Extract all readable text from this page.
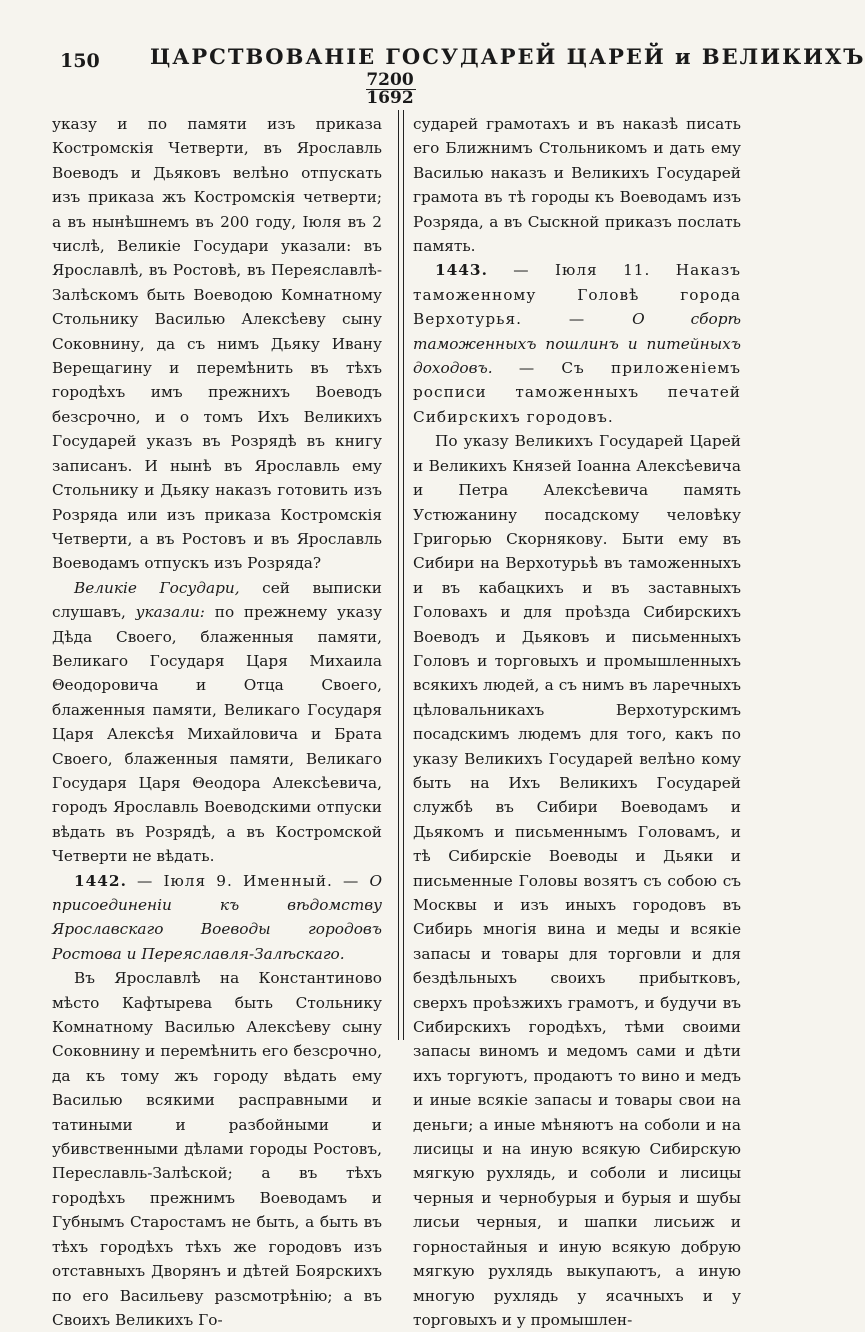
150 ЦАРСТВОВАНІЕ ГОСУДАРЕЙ ЦАРЕЙ и ВЕЛИКИХЪ
7200
1692

указу и по памяти изъ приказа Костромскія Четверти, въ Ярославль Воеводъ и Дьяковъ велѣно отпускать изъ приказа жъ Костромскія четверти; а въ нынѣшнемъ въ 200 году, Іюля въ 2 числѣ, Великіе Государи указали: въ Ярославлѣ, въ Ростовѣ, въ Переяславлѣ-Залѣскомъ быть Воеводою Комнатному Стольнику Василью Алексѣеву сыну Соковнину, да съ нимъ Дьяку Ивану Верещагину и перемѣнить въ тѣхъ городѣхъ имъ прежнихъ Воеводъ безсрочно, и о томъ Ихъ Великихъ Государей указъ въ Розрядѣ въ книгу записанъ. И нынѣ въ Ярославль ему Стольнику и Дьяку наказъ готовить изъ Розряда или изъ приказа Костромскія Четверти, а въ Ростовъ и въ Ярославль Воеводамъ отпускъ изъ Розряда?

Великіе Государи, сей выписки слушавъ, указали: по прежнему указу Дѣда Своего, блаженныя памяти, Великаго Государя Царя Михаила Θеодоровича и Отца Своего, блаженныя памяти, Великаго Государя Царя Алексѣя Михайловича и Брата Своего, блаженныя памяти, Великаго Государя Царя Θеодора Алексѣевича, городъ Ярославль Воеводскими отпуски вѣдать въ Розрядѣ, а въ Костромской Четверти не вѣдать.

1442. — Іюля 9. Именный. — О присоединеніи къ вѣдомству Ярославскаго Воеводы городовъ Ростова и Переяславля-Залѣскаго.

Въ Ярославлѣ на Константиново мѣсто Кафтырева быть Стольнику Комнатному Василью Алексѣеву сыну Соковнину и перемѣнить его безсрочно, да къ тому жъ городу вѣдать ему Василью всякими расправными и татиными и разбойными и убивственными дѣлами городы Ростовъ, Переславль-Залѣской; а въ тѣхъ городѣхъ прежнимъ Воеводамъ и Губнымъ Старостамъ не быть, а быть въ тѣхъ городѣхъ тѣхъ же городовъ изъ отставныхъ Дворянъ и дѣтей Боярскихъ по его Васильеву разсмотрѣнію; а въ Своихъ Великихъ Го-

сударей грамотахъ и въ наказѣ писать его Ближнимъ Стольникомъ и дать ему Василью наказъ и Великихъ Государей грамота въ тѣ городы къ Воеводамъ изъ Розряда, а въ Сыскной приказъ послать память.

1443. — Іюля 11. Наказъ таможенному Головѣ города Верхотурья. — О сборѣ таможенныхъ пошлинъ и питейныхъ доходовъ. — Съ приложеніемъ росписи таможенныхъ печатей Сибирскихъ городовъ.

По указу Великихъ Государей Царей и Великихъ Князей Іоанна Алексѣевича и Петра Алексѣевича память Устюжанину посадскому человѣку Григорью Скорнякову. Быти ему въ Сибири на Верхотурьѣ въ таможенныхъ и въ кабацкихъ и въ заставныхъ Головахъ и для проѣзда Сибирскихъ Воеводъ и Дьяковъ и письменныхъ Головъ и торговыхъ и промышленныхъ всякихъ людей, а съ нимъ въ ларечныхъ цѣловальникахъ Верхотурскимъ посадскимъ людемъ для того, какъ по указу Великихъ Государей велѣно кому быть на Ихъ Великихъ Государей службѣ въ Сибири Воеводамъ и Дьякомъ и письменнымъ Головамъ, и тѣ Сибирскіе Воеводы и Дьяки и письменные Головы возятъ съ собою съ Москвы и изъ иныхъ городовъ въ Сибирь многія вина и меды и всякіе запасы и товары для торговли и для бездѣльныхъ своихъ прибытковъ, сверхъ проѣзжихъ грамотъ, и будучи въ Сибирскихъ городѣхъ, тѣми своими запасы виномъ и медомъ сами и дѣти ихъ торгуютъ, продаютъ то вино и медъ и иные всякіе запасы и товары свои на деньги; а иные мѣняютъ на соболи и на лисицы и на иную всякую Сибирскую мягкую рухлядь, и соболи и лисицы черныя и чернобурыя и бурыя и шубы лисьи черныя, и шапки лисьиж и горностайныя и иную всякую добрую мягкую рухлядь выкупаютъ, а иную многую рухлядь у ясачныхъ и у торговыхъ и у промышлен-
